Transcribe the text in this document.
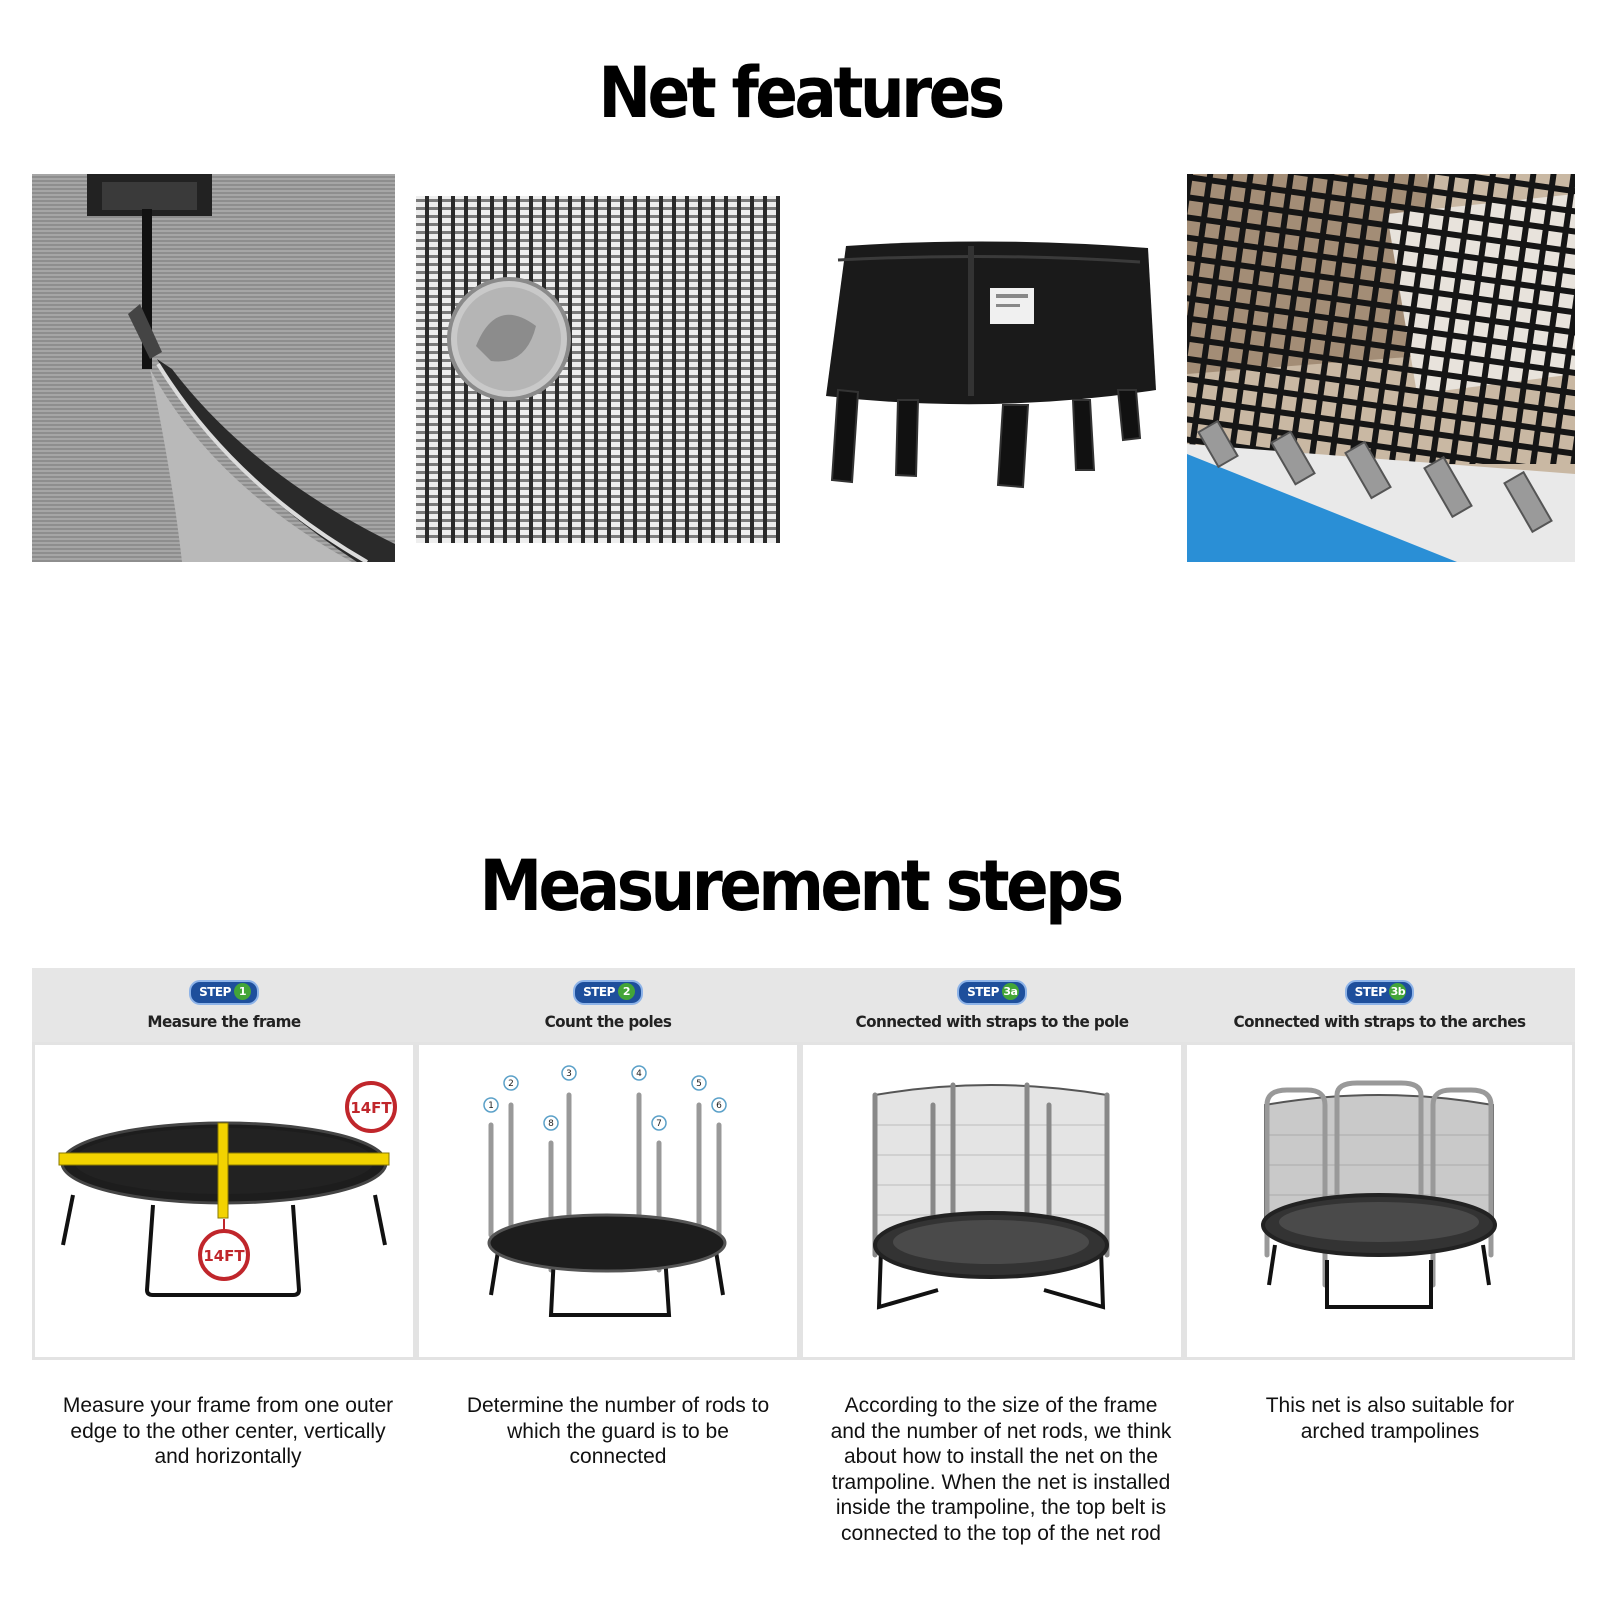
Net features
Measurement steps
STEP 1
Measure the frame
STEP 2
Count the poles
STEP 3a
Connected with straps to the pole
STEP 3b
Connected with straps to the arches
14FT
14FT
1
2
3	4
5
6
7
8
Measure your frame from one outer edge to the other center, vertically and horizontally
Determine the number of rods to which the guard is to be connected
According to the size of the frame and the number of net rods, we think about how to install the net on the trampoline. When the net is installed inside the trampoline, the top belt is connected to the top of the net rod
This net is also suitable for arched trampolines
